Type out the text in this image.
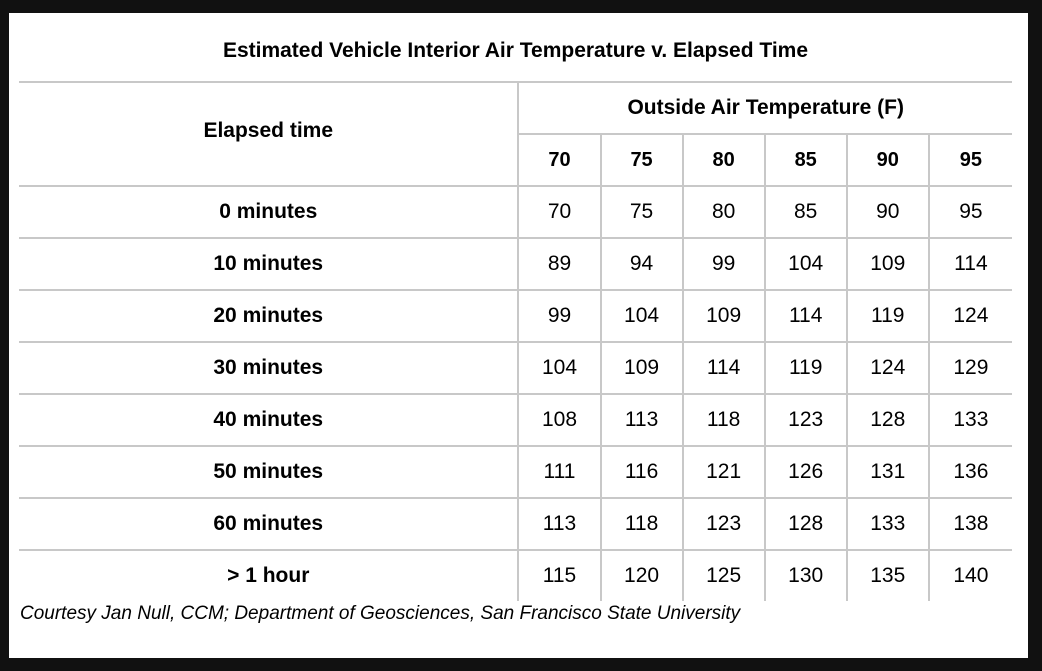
Estimated Vehicle Interior Air Temperature v. Elapsed Time						
Elapsed time	Outside Air Temperature (F)					
	70	75	80	85	90	95
0 minutes	70	75	80	85	90	95
10 minutes	89	94	99	104	109	114
20 minutes	99	104	109	114	119	124
30 minutes	104	109	114	119	124	129
40 minutes	108	113	118	123	128	133
50 minutes	111	116	121	126	131	136
60 minutes	113	118	123	128	133	138
> 1 hour	115	120	125	130	135	140
Courtesy Jan Null, CCM; Department of Geosciences, San Francisco State University
